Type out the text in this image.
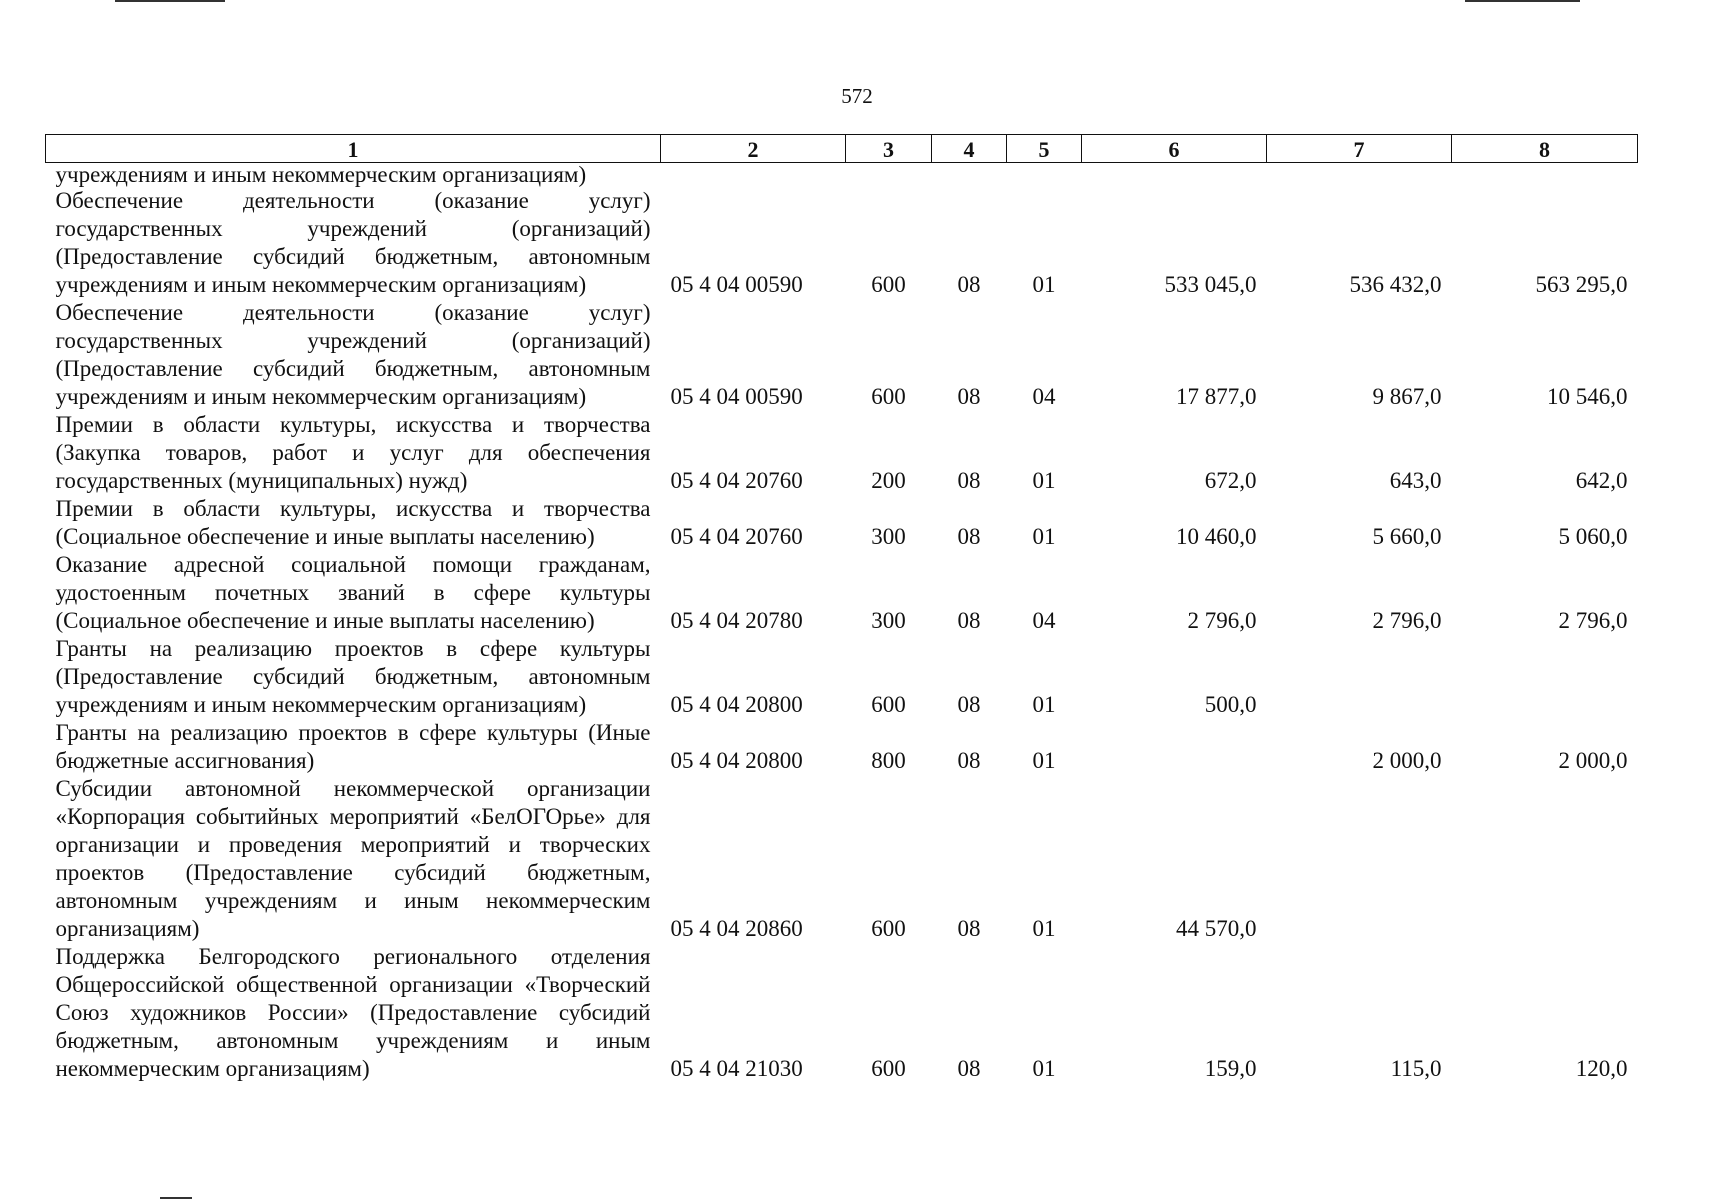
572
1	2	3	4	5	6	7	8
учреждениям и иным некоммерческим организациям)							
Обеспечение деятельности (оказание услуг) государственных учреждений (организаций) (Предоставление субсидий бюджетным, автономным учреждениям и иным некоммерческим организациям)	05 4 04 00590	600	08	01	533 045,0	536 432,0	563 295,0
Обеспечение деятельности (оказание услуг) государственных учреждений (организаций) (Предоставление субсидий бюджетным, автономным учреждениям и иным некоммерческим организациям)	05 4 04 00590	600	08	04	17 877,0	9 867,0	10 546,0
Премии в области культуры, искусства и творчества (Закупка товаров, работ и услуг для обеспечения государственных (муниципальных) нужд)	05 4 04 20760	200	08	01	672,0	643,0	642,0
Премии в области культуры, искусства и творчества (Социальное обеспечение и иные выплаты населению)	05 4 04 20760	300	08	01	10 460,0	5 660,0	5 060,0
Оказание адресной социальной помощи гражданам, удостоенным почетных званий в сфере культуры (Социальное обеспечение и иные выплаты населению)	05 4 04 20780	300	08	04	2 796,0	2 796,0	2 796,0
Гранты на реализацию проектов в сфере культуры (Предоставление субсидий бюджетным, автономным учреждениям и иным некоммерческим организациям)	05 4 04 20800	600	08	01	500,0		
Гранты на реализацию проектов в сфере культуры (Иные бюджетные ассигнования)	05 4 04 20800	800	08	01		2 000,0	2 000,0
Субсидии автономной некоммерческой организации «Корпорация событийных мероприятий «БелОГОрье» для организации и проведения мероприятий и творческих проектов (Предоставление субсидий бюджетным, автономным учреждениям и иным некоммерческим организациям)	05 4 04 20860	600	08	01	44 570,0		
Поддержка Белгородского регионального отделения Общероссийской общественной организации «Творческий Союз художников России» (Предоставление субсидий бюджетным, автономным учреждениям и иным некоммерческим организациям)	05 4 04 21030	600	08	01	159,0	115,0	120,0
